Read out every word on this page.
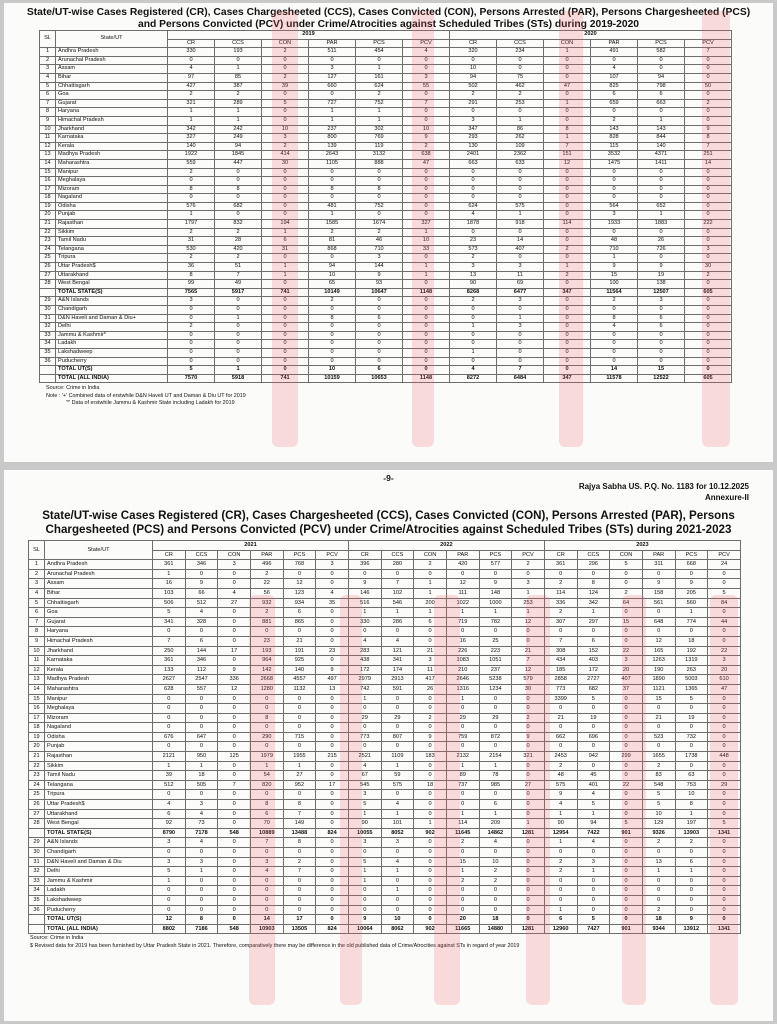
State/UT-wise Cases Registered (CR), Cases Chargesheeted (CCS), Cases Convicted (CON), Persons Arrested (PAR), Persons Chargesheeted (PCS) and Persons Convicted (PCV) under Crime/Atrocities against Scheduled Tribes (STs) during 2019-2020
SL	State/UT	2019						2020					
		CR	CCS	CON	PAR	PCS	PCV	CR	CCS	CON	PAR	PCS	PCV
1	Andhra Pradesh	330	193	2	511	454	4	320	234	1	491	582	7
2	Arunachal Pradesh	0	0	0	0	0	0	0	0	0	0	0	0
3	Assam	4	1	0	3	1	0	10	0	0	4	0	0
4	Bihar	97	85	2	127	161	3	94	75	0	107	94	0
5	Chhattisgarh	427	387	39	660	624	55	502	462	47	825	798	50
6	Goa	2	2	0	0	2	0	2	2	0	6	6	0
7	Gujarat	321	289	5	727	752	7	291	253	1	659	663	2
8	Haryana	1	1	0	1	1	0	0	0	0	0	0	0
9	Himachal Pradesh	1	1	0	1	1	0	3	1	0	2	1	0
10	Jharkhand	342	242	10	237	302	10	347	86	8	143	143	9
11	Karnataka	327	249	3	800	769	9	293	262	1	828	844	8
12	Kerala	140	94	2	139	119	2	130	109	7	115	140	7
13	Madhya Pradesh	1922	1845	414	2643	3132	638	2401	2362	151	3532	4371	251
14	Maharashtra	559	447	30	1105	888	47	663	633	12	1475	1411	14
15	Manipur	2	0	0	0	0	0	0	0	0	0	0	0
16	Meghalaya	0	0	0	0	0	0	0	0	0	0	0	0
17	Mizoram	8	8	0	8	8	0	0	0	0	0	0	0
18	Nagaland	0	0	0	0	0	0	0	0	0	0	0	0
19	Odisha	576	682	0	481	752	0	624	575	0	564	652	0
20	Punjab	1	0	0	1	0	0	4	1	0	3	1	0
21	Rajasthan	1797	832	194	1585	1674	327	1878	918	114	1933	1883	222
22	Sikkim	2	2	1	2	2	1	0	0	0	0	0	0
23	Tamil Nadu	31	28	6	81	46	10	23	14	0	48	26	0
24	Telangana	530	420	31	868	710	33	573	407	2	710	726	3
25	Tripura	2	2	0	0	3	0	2	0	0	1	0	0
26	Uttar Pradesh$	36	51	1	94	144	1	3	3	1	9	9	30
27	Uttarakhand	8	7	1	10	9	1	13	11	2	15	19	2
28	West Bengal	99	49	0	65	93	0	90	69	0	100	138	0
	TOTAL STATE(S)	7565	5917	741	10149	10647	1148	8268	6477	347	11564	12507	605
29	A&N Islands	3	0	0	2	0	0	2	3	0	2	3	0
30	Chandigarh	0	0	0	0	0	0	0	0	0	0	0	0
31	D&N Haveli and Daman & Diu+	0	1	0	8	6	0	0	1	0	8	6	0
32	Delhi	2	0	0	0	0	0	1	3	0	4	6	0
33	Jammu & Kashmir*	0	0	0	0	0	0	0	0	0	0	0	0
34	Ladakh	0	0	0	0	0	0	0	0	0	0	0	0
35	Lakshadweep	0	0	0	0	0	0	1	0	0	0	0	0
36	Puducherry	0	0	0	0	0	0	0	0	0	0	0	0
	TOTAL UT(S)	5	1	0	10	6	0	4	7	0	14	15	0
	TOTAL (ALL INDIA)	7570	5918	741	10159	10653	1148	8272	6484	347	11578	12522	605
Source: Crime in India
Note : '+' Combined data of erstwhile D&N Haveli UT and Daman & Diu UT for 2019
'*' Data of erstwhile Jammu & Kashmir State including Ladakh for 2019
-9-
Rajya Sabha US. P.Q. No. 1183 for 10.12.2025
Annexure-II
State/UT-wise Cases Registered (CR), Cases Chargesheeted (CCS), Cases Convicted (CON), Persons Arrested (PAR), Persons Chargesheeted (PCS) and Persons Convicted (PCV) under Crime/Atrocities against Scheduled Tribes (STs) during 2021-2023
SL	State/UT	2021						2022						2023					
		CR	CCS	CON	PAR	PCS	PCV	CR	CCS	CON	PAR	PCS	PCV	CR	CCS	CON	PAR	PCS	PCV
1	Andhra Pradesh	361	346	3	496	768	3	396	280	2	420	577	2	361	296	5	311	668	24
2	Arunachal Pradesh	1	0	0	2	0	0	0	0	0	0	0	0	0	0	0	0	0	0
3	Assam	16	9	0	22	12	0	9	7	1	12	9	3	2	8	0	9	9	0
4	Bihar	103	66	4	56	123	4	146	102	1	111	148	1	114	124	2	158	205	5
5	Chhattisgarh	506	512	27	932	934	35	516	546	200	1022	1000	253	336	342	64	561	560	84
6	Goa	5	4	0	2	6	0	1	1	1	1	1	1	2	1	0	0	1	0
7	Gujarat	341	328	0	881	865	0	330	286	6	719	782	12	307	297	15	648	774	44
8	Haryana	0	0	0	0	0	0	0	0	0	0	0	0	0	0	0	0	0	0
9	Himachal Pradesh	7	6	0	23	21	0	4	4	0	16	25	0	7	6	0	12	18	0
10	Jharkhand	250	144	17	193	191	23	283	121	21	226	223	21	308	152	22	165	192	22
11	Karnataka	361	346	0	964	925	0	438	341	3	1083	1051	7	434	403	3	1263	1319	3
12	Kerala	133	112	9	142	140	9	172	174	11	210	237	12	185	172	20	190	263	20
13	Madhya Pradesh	2627	2547	336	2668	4557	497	2979	2913	417	2646	5238	579	2858	2727	407	1890	5003	610
14	Maharashtra	628	557	12	1280	1132	13	742	591	26	1316	1234	30	773	682	37	1121	1365	47
15	Manipur	0	0	0	0	0	0	1	0	0	1	0	0	3399	5	0	15	5	0
16	Meghalaya	0	0	0	0	0	0	0	0	0	0	0	0	0	0	0	0	0	0
17	Mizoram	0	0	0	8	0	0	29	29	2	29	29	2	21	19	0	21	19	0
18	Nagaland	0	0	0	0	0	0	0	0	0	0	0	0	0	0	0	0	0	0
19	Odisha	676	647	0	290	715	0	773	807	9	759	872	9	662	696	0	523	732	0
20	Punjab	0	0	0	0	0	0	0	0	0	0	0	0	0	0	0	0	0	0
21	Rajasthan	2121	950	125	1979	1955	215	2521	1109	183	2132	2154	321	2453	942	299	1655	1738	448
22	Sikkim	1	1	0	1	1	0	4	1	0	1	1	0	2	0	0	2	0	0
23	Tamil Nadu	39	18	0	54	27	0	67	59	0	89	78	0	48	45	0	83	63	0
24	Telangana	512	505	7	820	952	17	545	575	18	737	985	27	575	401	22	548	753	29
25	Tripura	0	0	0	0	0	0	3	0	0	0	0	0	9	4	0	5	10	0
26	Uttar Pradesh$	4	3	0	8	8	0	5	4	0	0	6	0	4	5	0	5	8	0
27	Uttarakhand	6	4	0	6	7	0	1	1	0	1	1	0	1	1	0	10	1	0
28	West Bengal	92	73	0	70	149	0	90	101	1	114	209	1	90	94	5	129	197	5
	TOTAL STATE(S)	8790	7178	548	10889	13488	824	10055	8052	902	11645	14862	1281	12954	7422	901	9326	13903	1341
29	A&N Islands	3	4	0	7	8	0	3	3	0	2	4	0	1	4	0	2	2	0
30	Chandigarh	0	0	0	0	0	0	0	0	0	0	0	0	0	0	0	0	0	0
31	D&N Haveli and Daman & Diu	3	3	0	3	2	0	5	4	0	15	10	0	2	3	0	13	6	0
32	Delhi	5	1	0	4	7	0	1	1	0	1	2	0	2	1	0	1	1	0
33	Jammu & Kashmir	1	0	0	0	0	0	1	0	0	2	2	0	0	0	0	0	0	0
34	Ladakh	0	0	0	0	0	0	0	1	0	0	0	0	0	0	0	0	0	0
35	Lakshadweep	0	0	0	0	0	0	0	0	0	0	0	0	0	0	0	0	0	0
36	Puducherry	0	0	0	0	0	0	0	0	0	0	0	0	1	0	0	2	0	0
	TOTAL UT(S)	12	8	0	14	17	0	9	10	0	20	18	0	6	5	0	18	9	0
	TOTAL (ALL INDIA)	8802	7186	548	10903	13505	824	10064	8062	902	11665	14880	1281	12960	7427	901	9344	13912	1341
Source: Crime in India
$ Revised data for 2019 has been furnished by Uttar Pradesh State in 2021. Therefore, comparatively there may be difference in the old published data of Crime/Atrocities against STs in regard of year 2019
